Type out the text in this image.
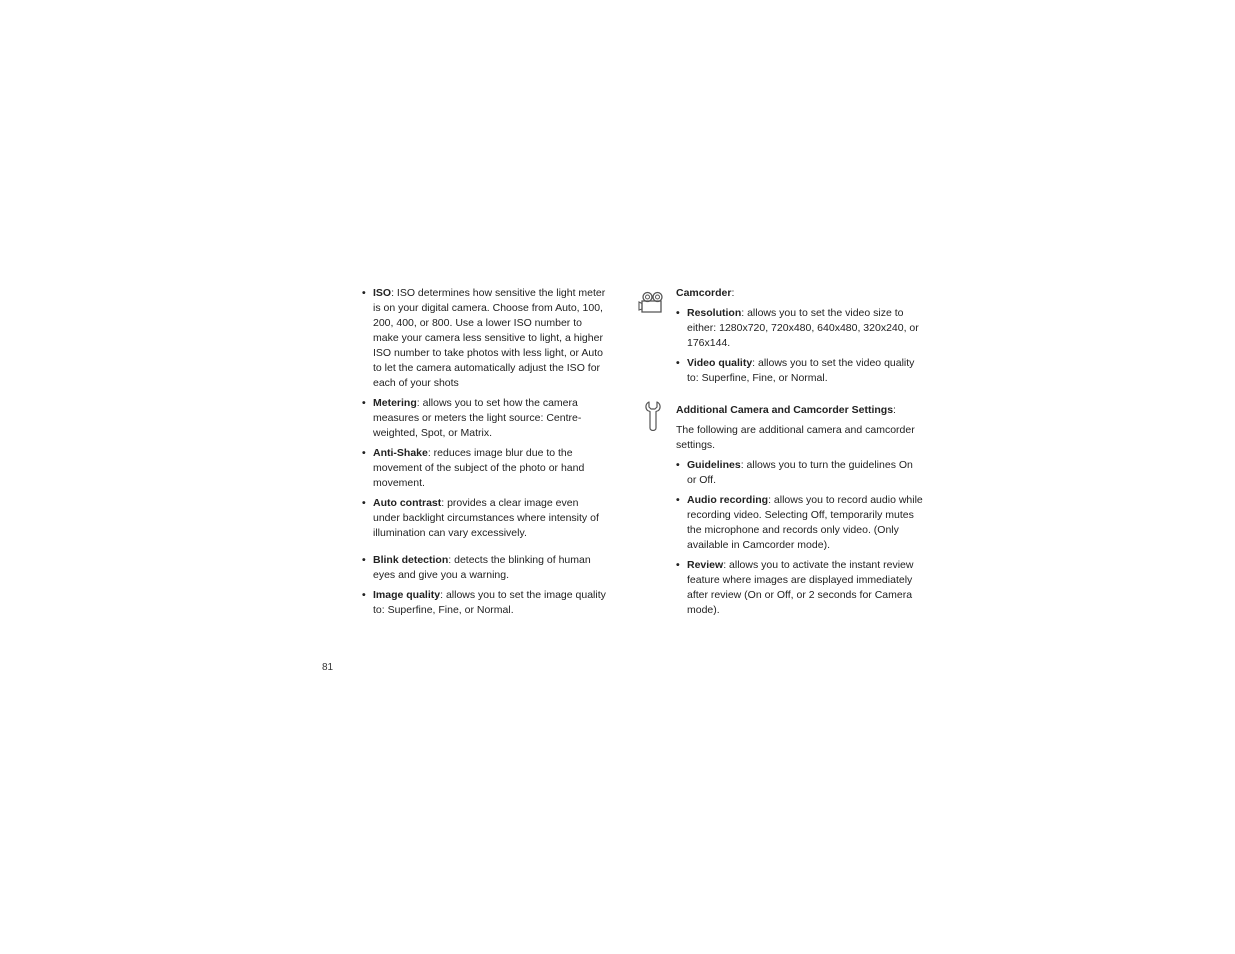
• ISO: ISO determines how sensitive the light meter is on your digital camera. Choose from Auto, 100, 200, 400, or 800. Use a lower ISO number to make your camera less sensitive to light, a higher ISO number to take photos with less light, or Auto to let the camera automatically adjust the ISO for each of your shots
• Metering: allows you to set how the camera measures or meters the light source: Centre-weighted, Spot, or Matrix.
• Anti-Shake: reduces image blur due to the movement of the subject of the photo or hand movement.
• Auto contrast: provides a clear image even under backlight circumstances where intensity of illumination can vary excessively.
• Blink detection: detects the blinking of human eyes and give you a warning.
• Image quality: allows you to set the image quality to: Superfine, Fine, or Normal.
Camcorder:
• Resolution: allows you to set the video size to either: 1280x720, 720x480, 640x480, 320x240, or 176x144.
• Video quality: allows you to set the video quality to: Superfine, Fine, or Normal.
Additional Camera and Camcorder Settings:

The following are additional camera and camcorder settings.

• Guidelines: allows you to turn the guidelines On or Off.
• Audio recording: allows you to record audio while recording video. Selecting Off, temporarily mutes the microphone and records only video. (Only available in Camcorder mode).
• Review: allows you to activate the instant review feature where images are displayed immediately after review (On or Off, or 2 seconds for Camera mode).
81
